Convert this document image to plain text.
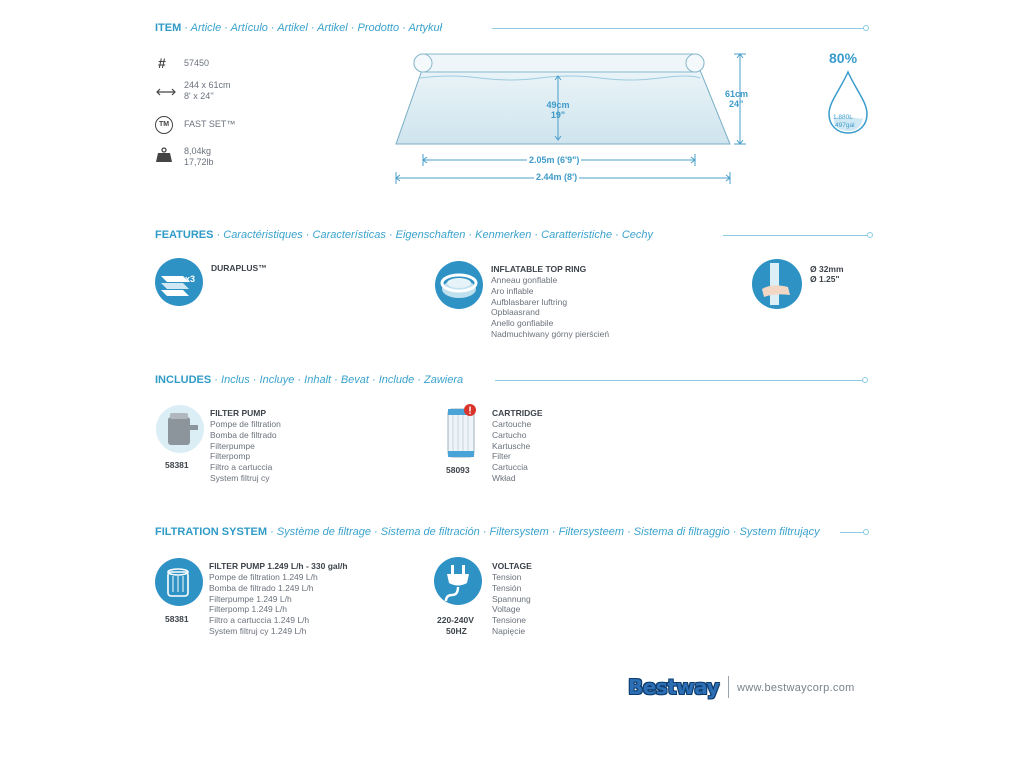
ITEM · Article · Artículo · Artikel · Artikel · Prodotto · Artykuł
# 57450
244 x 61cm
8' x 24''
TM	FAST SET™
8,04kg
17,72lb
49cm
19"
61cm
24"
2.05m (6'9")
2.44m (8')
80%
1.880L
497gal
FEATURES · Caractéristiques · Características · Eigenschaften · Kenmerken · Caratteristiche · Cechy
x3
DURAPLUS™	INFLATABLE TOP RING
Anneau gonflable
Aro inflable
Aufblasbarer luftring
Opblaasrand
Anello gonfiabile
Nadmuchiwany górny pierścień
Ø 32mm
Ø 1.25"
INCLUDES · Inclus · Incluye · Inhalt · Bevat · Include · Zawiera
58381
FILTER PUMP
Pompe de filtration
Bomba de filtrado
Filterpumpe
Filterpomp
Filtro a cartuccia
System filtruj cy
58093
CARTRIDGE
Cartouche
Cartucho
Kartusche
Filter
Cartuccia
Wkład
FILTRATION SYSTEM · Système de filtrage · Sistema de filtración · Filtersystem · Filtersysteem · Sistema di filtraggio · System filtrujący
58381
FILTER PUMP 1.249 L/h - 330 gal/h
Pompe de filtration 1.249 L/h
Bomba de filtrado 1.249 L/h
Filterpumpe 1.249 L/h
Filterpomp 1.249 L/h
Filtro a cartuccia 1.249 L/h
System filtruj cy 1.249 L/h
220-240V
50HZ
VOLTAGE
Tension
Tensión
Spannung
Voltage
Tensione
Napięcie
Bestway www.bestwaycorp.com
